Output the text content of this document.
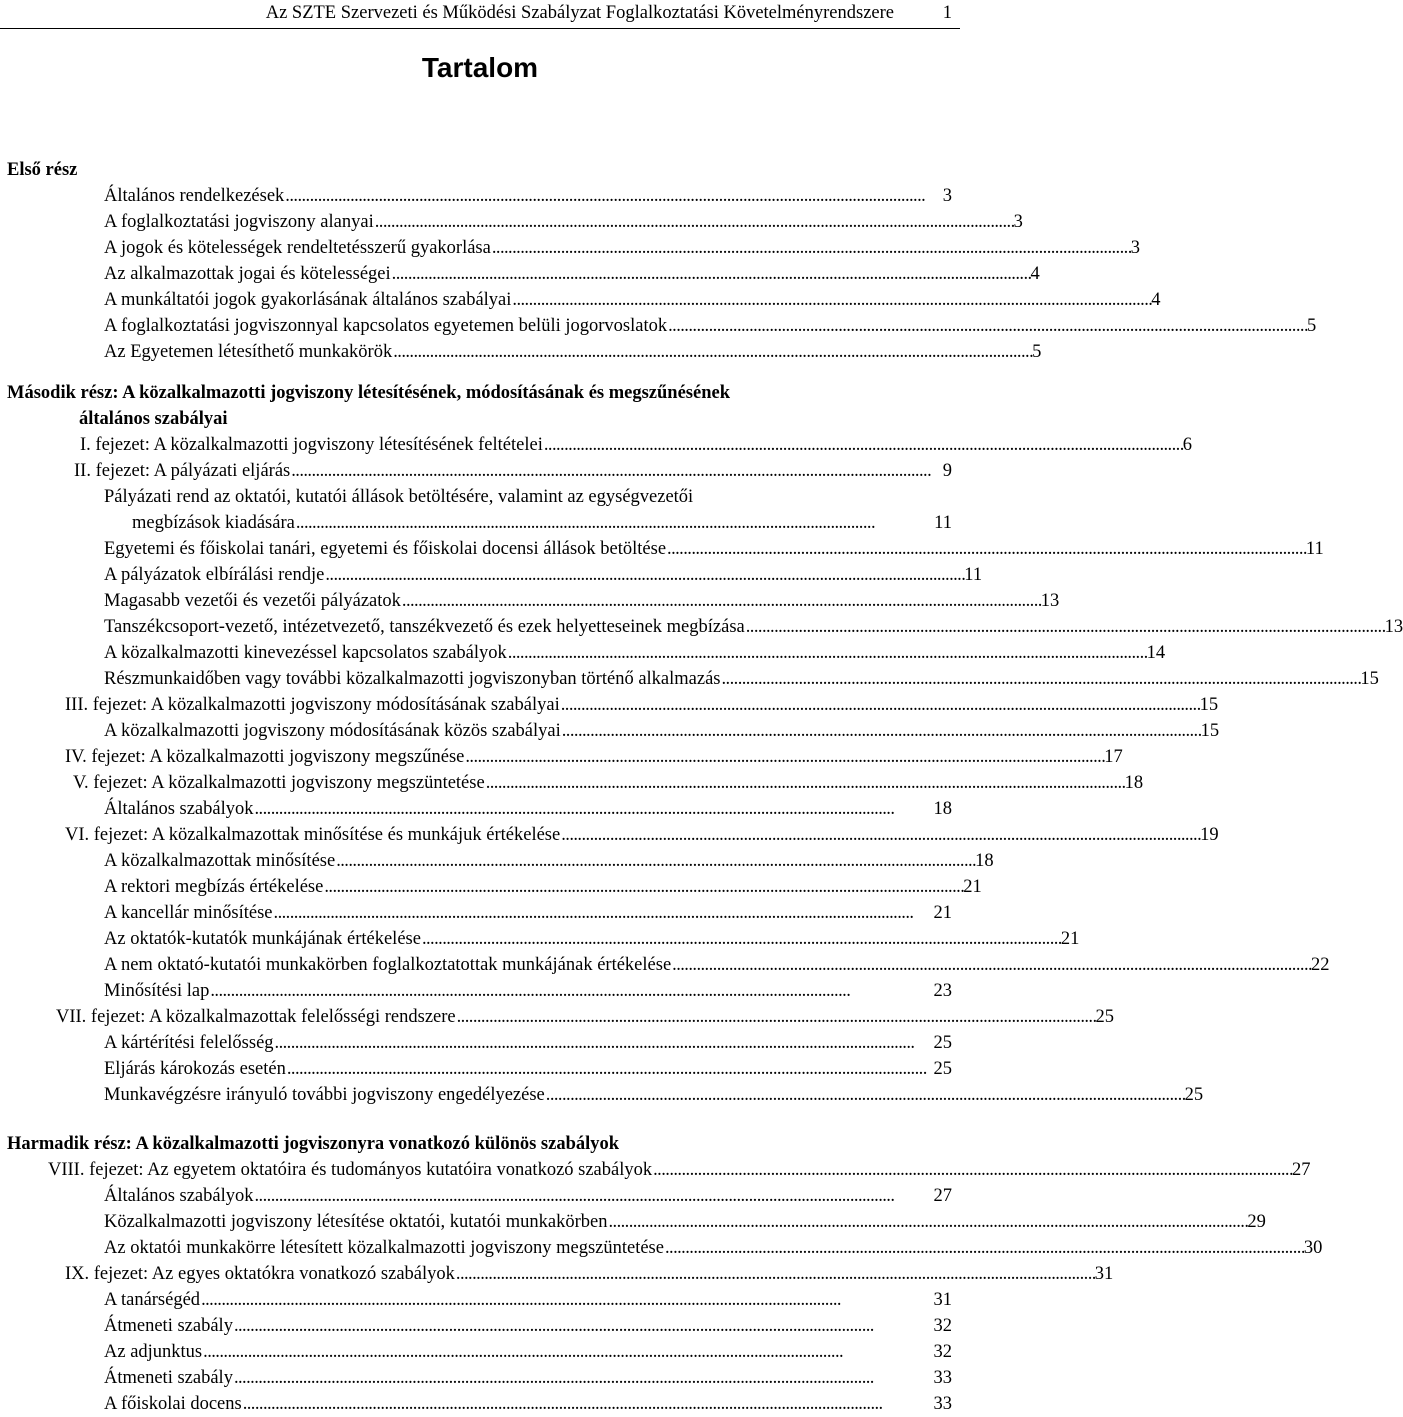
Az SZTE Szervezeti és Működési Szabályzat Foglalkoztatási Követelményrendszere	1
Tartalom
Első rész
Általános rendelkezések . . .	3
A foglalkoztatási jogviszony alanyai . . .	3
A jogok és kötelességek rendeltetésszerű gyakorlása . . .	3
Az alkalmazottak jogai és kötelességei . . .	4
A munkáltatói jogok gyakorlásának általános szabályai . . .	4
A foglalkoztatási jogviszonnyal kapcsolatos egyetemen belüli jogorvoslatok . . .	5
Az Egyetemen létesíthető munkakörök . . .	5
Második rész: A közalkalmazotti jogviszony létesítésének, módosításának és megszűnésének
általános szabályai
I. fejezet: A közalkalmazotti jogviszony létesítésének feltételei . . .	6
II. fejezet: A pályázati eljárás . . .	9
Pályázati rend az oktatói, kutatói állások betöltésére, valamint az egységvezetői
megbízások kiadására . . .	11
Egyetemi és főiskolai tanári, egyetemi és főiskolai docensi állások betöltése . . .	11
A pályázatok elbírálási rendje . . .	11
Magasabb vezetői és vezetői pályázatok . . .	13
Tanszékcsoport-vezető, intézetvezető, tanszékvezető és ezek helyetteseinek megbízása . . .	13
A közalkalmazotti kinevezéssel kapcsolatos szabályok . . .	14
Részmunkaidőben vagy további közalkalmazotti jogviszonyban történő alkalmazás . . .	15
III. fejezet: A közalkalmazotti jogviszony módosításának szabályai . . .	15
A közalkalmazotti jogviszony módosításának közös szabályai . . .	15
IV. fejezet: A közalkalmazotti jogviszony megszűnése . . .	17
V. fejezet: A közalkalmazotti jogviszony megszüntetése . . .	18
Általános szabályok . . .	18
VI. fejezet: A közalkalmazottak minősítése és munkájuk értékelése . . .	19
A közalkalmazottak minősítése . . .	18
A rektori megbízás értékelése . . .	21
A kancellár minősítése . . .	21
Az oktatók-kutatók munkájának értékelése . . .	21
A nem oktató-kutatói munkakörben foglalkoztatottak munkájának értékelése . . .	22
Minősítési lap . . .	23
VII. fejezet: A közalkalmazottak felelősségi rendszere . . .	25
A kártérítési felelősség . . .	25
Eljárás károkozás esetén . . .	25
Munkavégzésre irányuló további jogviszony engedélyezése . . .	25
Harmadik rész: A közalkalmazotti jogviszonyra vonatkozó különös szabályok
VIII. fejezet: Az egyetem oktatóira és tudományos kutatóira vonatkozó szabályok . . .	27
Általános szabályok . . .	27
Közalkalmazotti jogviszony létesítése oktatói, kutatói munkakörben . . .	29
Az oktatói munkakörre létesített közalkalmazotti jogviszony megszüntetése . . .	30
IX. fejezet: Az egyes oktatókra vonatkozó szabályok . . .	31
A tanárségéd . . .	31
Átmeneti szabály . . .	32
Az adjunktus . . .	32
Átmeneti szabály . . .	33
A főiskolai docens . . .	33
